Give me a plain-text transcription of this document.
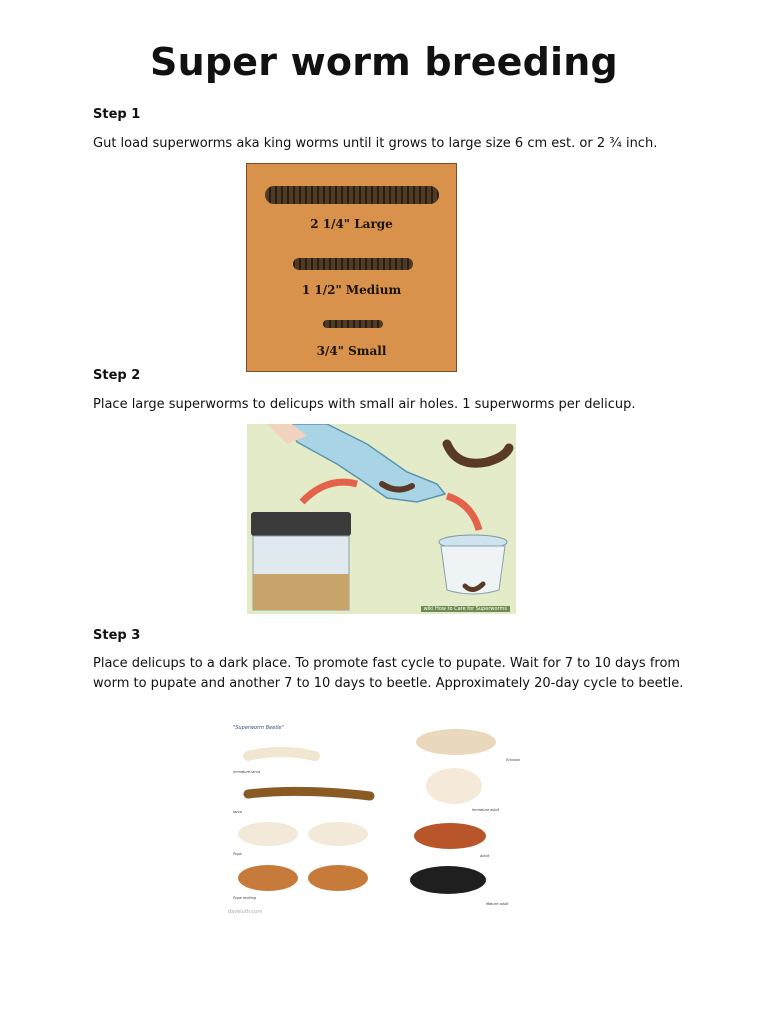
Super worm breeding
Step 1
Gut load superworms aka king worms until it grows to large size 6 cm est. or 2 ¾ inch.
2 1/4" Large
1 1/2" Medium
3/4" Small
Step 2
Place large superworms to delicups with small air holes. 1 superworms per delicup.
wiki How to Care for Superworms
Step 3
Place delicups to a dark place. To promote fast cycle to pupate. Wait for 7 to 10 days from worm to pupate and another 7 to 10 days to beetle. Approximately 20-day cycle to beetle.
"Superworm Beetle"
Immature larva
larva
Pupa
Pupa molting
Eclosion
Immature adult
Adult
Mature adult
daveluth.com
